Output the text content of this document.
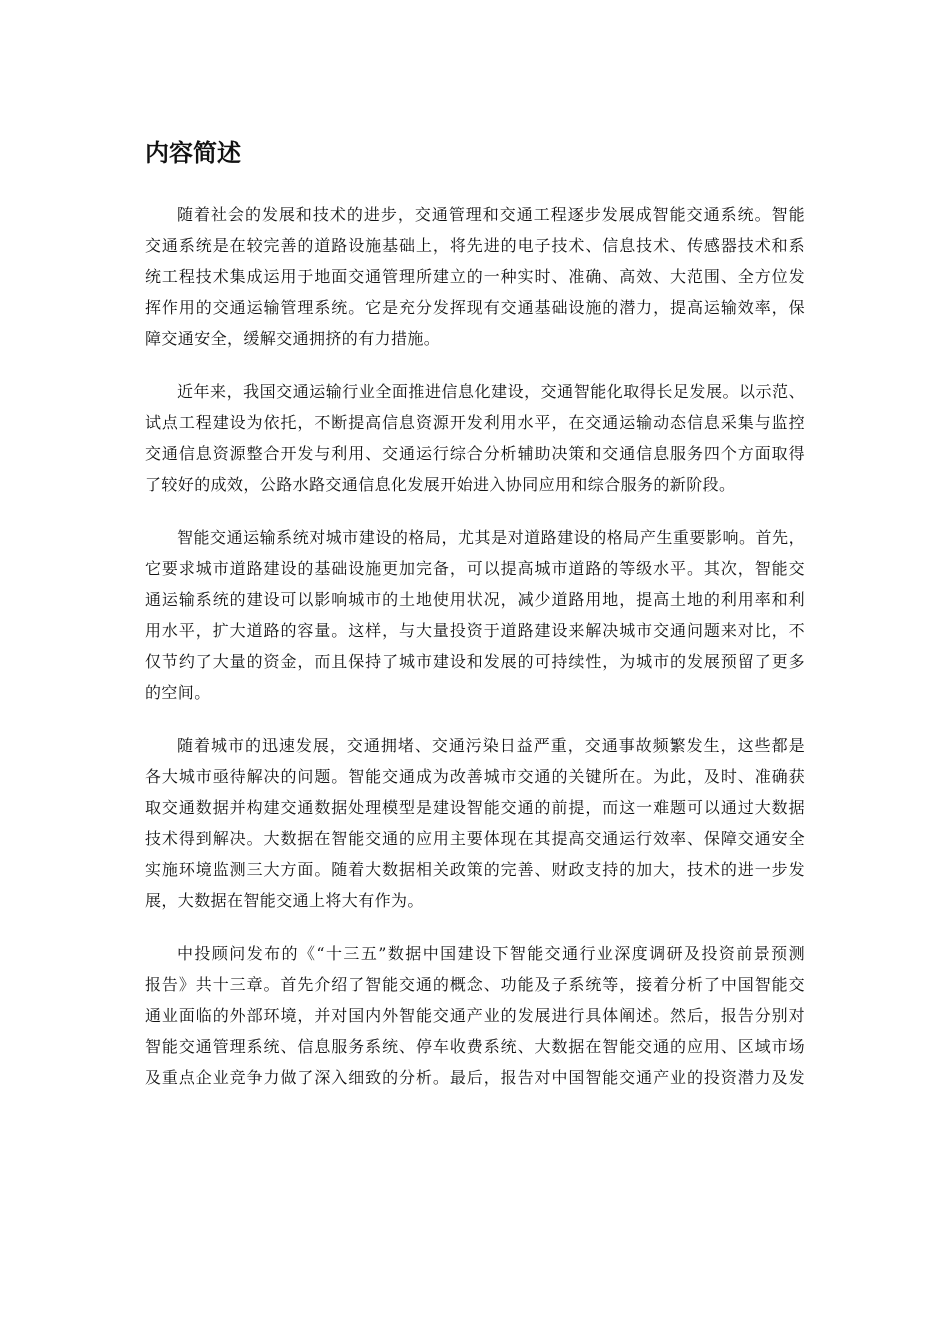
内容简述

随着社会的发展和技术的进步，交通管理和交通工程逐步发展成智能交通系统。智能
交通系统是在较完善的道路设施基础上，将先进的电子技术、信息技术、传感器技术和系
统工程技术集成运用于地面交通管理所建立的一种实时、准确、高效、大范围、全方位发
挥作用的交通运输管理系统。它是充分发挥现有交通基础设施的潜力，提高运输效率，保
障交通安全，缓解交通拥挤的有力措施。

近年来，我国交通运输行业全面推进信息化建设，交通智能化取得长足发展。以示范、
试点工程建设为依托，不断提高信息资源开发利用水平，在交通运输动态信息采集与监控
交通信息资源整合开发与利用、交通运行综合分析辅助决策和交通信息服务四个方面取得
了较好的成效，公路水路交通信息化发展开始进入协同应用和综合服务的新阶段。

智能交通运输系统对城市建设的格局，尤其是对道路建设的格局产生重要影响。首先，
它要求城市道路建设的基础设施更加完备，可以提高城市道路的等级水平。其次，智能交
通运输系统的建设可以影响城市的土地使用状况，减少道路用地，提高土地的利用率和利
用水平，扩大道路的容量。这样，与大量投资于道路建设来解决城市交通问题来对比，不
仅节约了大量的资金，而且保持了城市建设和发展的可持续性，为城市的发展预留了更多
的空间。

随着城市的迅速发展，交通拥堵、交通污染日益严重，交通事故频繁发生，这些都是
各大城市亟待解决的问题。智能交通成为改善城市交通的关键所在。为此，及时、准确获
取交通数据并构建交通数据处理模型是建设智能交通的前提，而这一难题可以通过大数据
技术得到解决。大数据在智能交通的应用主要体现在其提高交通运行效率、保障交通安全
实施环境监测三大方面。随着大数据相关政策的完善、财政支持的加大，技术的进一步发
展，大数据在智能交通上将大有作为。

中投顾问发布的《“十三五”数据中国建设下智能交通行业深度调研及投资前景预测
报告》共十三章。首先介绍了智能交通的概念、功能及子系统等，接着分析了中国智能交
通业面临的外部环境，并对国内外智能交通产业的发展进行具体阐述。然后，报告分别对
智能交通管理系统、信息服务系统、停车收费系统、大数据在智能交通的应用、区域市场
及重点企业竞争力做了深入细致的分析。最后，报告对中国智能交通产业的投资潜力及发
